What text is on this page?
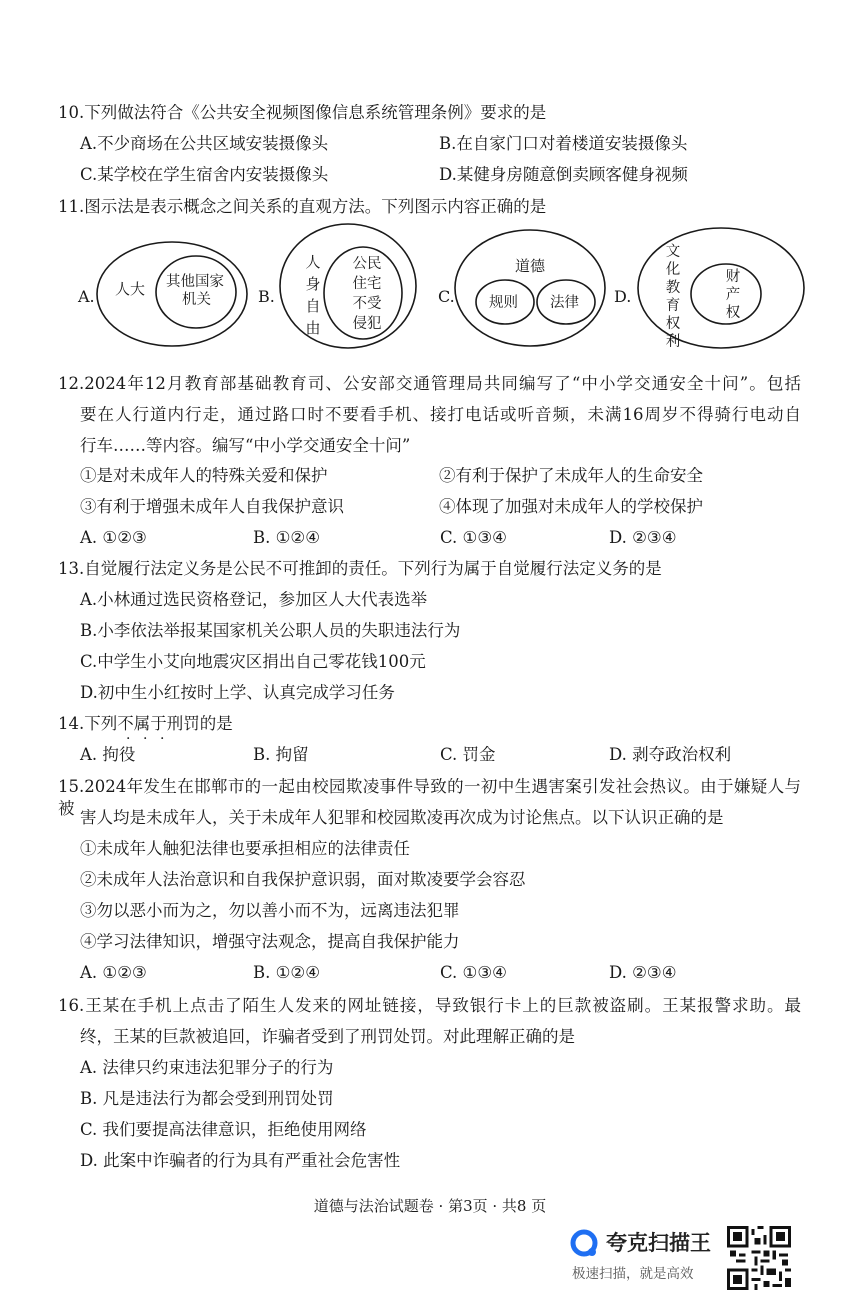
10.下列做法符合《公共安全视频图像信息系统管理条例》要求的是
A.不少商场在公共区域安装摄像头	B.在自家门口对着楼道安装摄像头
C.某学校在学生宿舍内安装摄像头	D.某健身房随意倒卖顾客健身视频
11.图示法是表示概念之间关系的直观方法。下列图示内容正确的是
A. 人大 其他国家
机关	B.
人
身
自
由
公民
住宅
不受
侵犯
C.
道德
规则 法律 D.
文
化
教
育
权
利
财
产
权
12.2024年12月教育部基础教育司、公安部交通管理局共同编写了“中小学交通安全十问”。包括
要在人行道内行走，通过路口时不要看手机、接打电话或听音频，未满16周岁不得骑行电动自
行车……等内容。编写“中小学交通安全十问”
①是对未成年人的特殊关爱和保护	②有利于保护了未成年人的生命安全
③有利于增强未成年人自我保护意识	④体现了加强对未成年人的学校保护
A. ①②③	B. ①②④	C. ①③④	D. ②③④
13.自觉履行法定义务是公民不可推卸的责任。下列行为属于自觉履行法定义务的是
A.小林通过选民资格登记，参加区人大代表选举
B.小李依法举报某国家机关公职人员的失职违法行为
C.中学生小艾向地震灾区捐出自己零花钱100元
D.初中生小红按时上学、认真完成学习任务
14.下列不属于刑罚的是
· · ·
A. 拘役	B. 拘留	C. 罚金	D. 剥夺政治权利
15.2024年发生在邯郸市的一起由校园欺凌事件导致的一初中生遇害案引发社会热议。由于嫌疑人与被 害人均是未成年人，关于未成年人犯罪和校园欺凌再次成为讨论焦点。以下认识正确的是
①未成年人触犯法律也要承担相应的法律责任
②未成年人法治意识和自我保护意识弱，面对欺凌要学会容忍
③勿以恶小而为之，勿以善小而不为，远离违法犯罪
④学习法律知识，增强守法观念，提高自我保护能力
A. ①②③	B. ①②④	C. ①③④	D. ②③④
16.王某在手机上点击了陌生人发来的网址链接，导致银行卡上的巨款被盗刷。王某报警求助。最
终，王某的巨款被追回，诈骗者受到了刑罚处罚。对此理解正确的是
A. 法律只约束违法犯罪分子的行为
B. 凡是违法行为都会受到刑罚处罚
C. 我们要提高法律意识，拒绝使用网络
D. 此案中诈骗者的行为具有严重社会危害性
道德与法治试题卷 · 第3页 · 共8 页
夸克扫描王
极速扫描，就是高效
